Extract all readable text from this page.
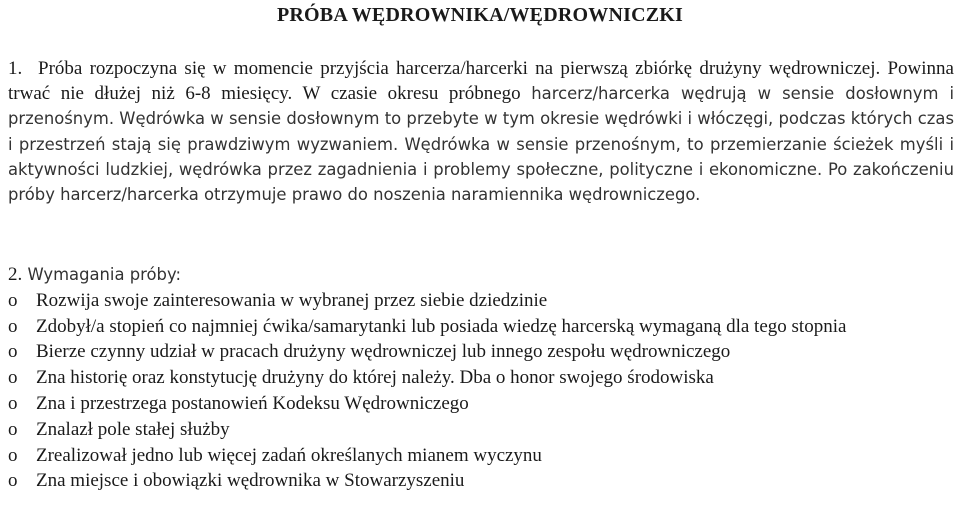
PRÓBA WĘDROWNIKA/WĘDROWNICZKI
1. Próba rozpoczyna się w momencie przyjścia harcerza/harcerki na pierwszą zbiórkę drużyny wędrowniczej. Powinna trwać nie dłużej niż 6-8 miesięcy. W czasie okresu próbnego harcerz/harcerka wędrują w sensie dosłownym i przenośnym. Wędrówka w sensie dosłownym to przebyte w tym okresie wędrówki i włóczęgi, podczas których czas i przestrzeń stają się prawdziwym wyzwaniem. Wędrówka w sensie przenośnym, to przemierzanie ścieżek myśli i aktywności ludzkiej, wędrówka przez zagadnienia i problemy społeczne, polityczne i ekonomiczne. Po zakończeniu próby harcerz/harcerka otrzymuje prawo do noszenia naramiennika wędrowniczego.
2. Wymagania próby:
o Rozwija swoje zainteresowania w wybranej przez siebie dziedzinie
o Zdobył/a stopień co najmniej ćwika/samarytanki lub posiada wiedzę harcerską wymaganą dla tego stopnia
o Bierze czynny udział w pracach drużyny wędrowniczej lub innego zespołu wędrowniczego
o Zna historię oraz konstytucję drużyny do której należy. Dba o honor swojego środowiska
o Zna i przestrzega postanowień Kodeksu Wędrowniczego
o Znalazł pole stałej służby
o Zrealizował jedno lub więcej zadań określanych mianem wyczynu
o Zna miejsce i obowiązki wędrownika w Stowarzyszeniu
